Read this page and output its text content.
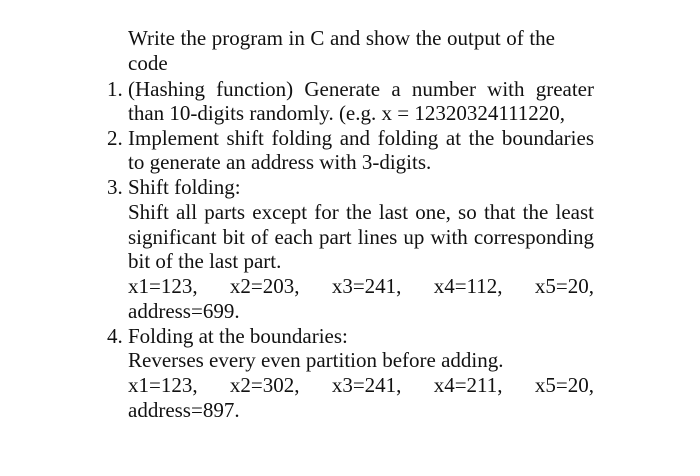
Write the program in C and show the output of the
code
1. (Hashing function) Generate a number with greater
than 10-digits randomly. (e.g. x = 12320324111220,
2. Implement shift folding and folding at the boundaries
to generate an address with 3-digits.
3. Shift folding:
Shift all parts except for the last one, so that the least
significant bit of each part lines up with corresponding
bit of the last part.
x1=123, x2=203, x3=241, x4=112, x5=20,
address=699.
4. Folding at the boundaries:
Reverses every even partition before adding.
x1=123, x2=302, x3=241, x4=211, x5=20,
address=897.
